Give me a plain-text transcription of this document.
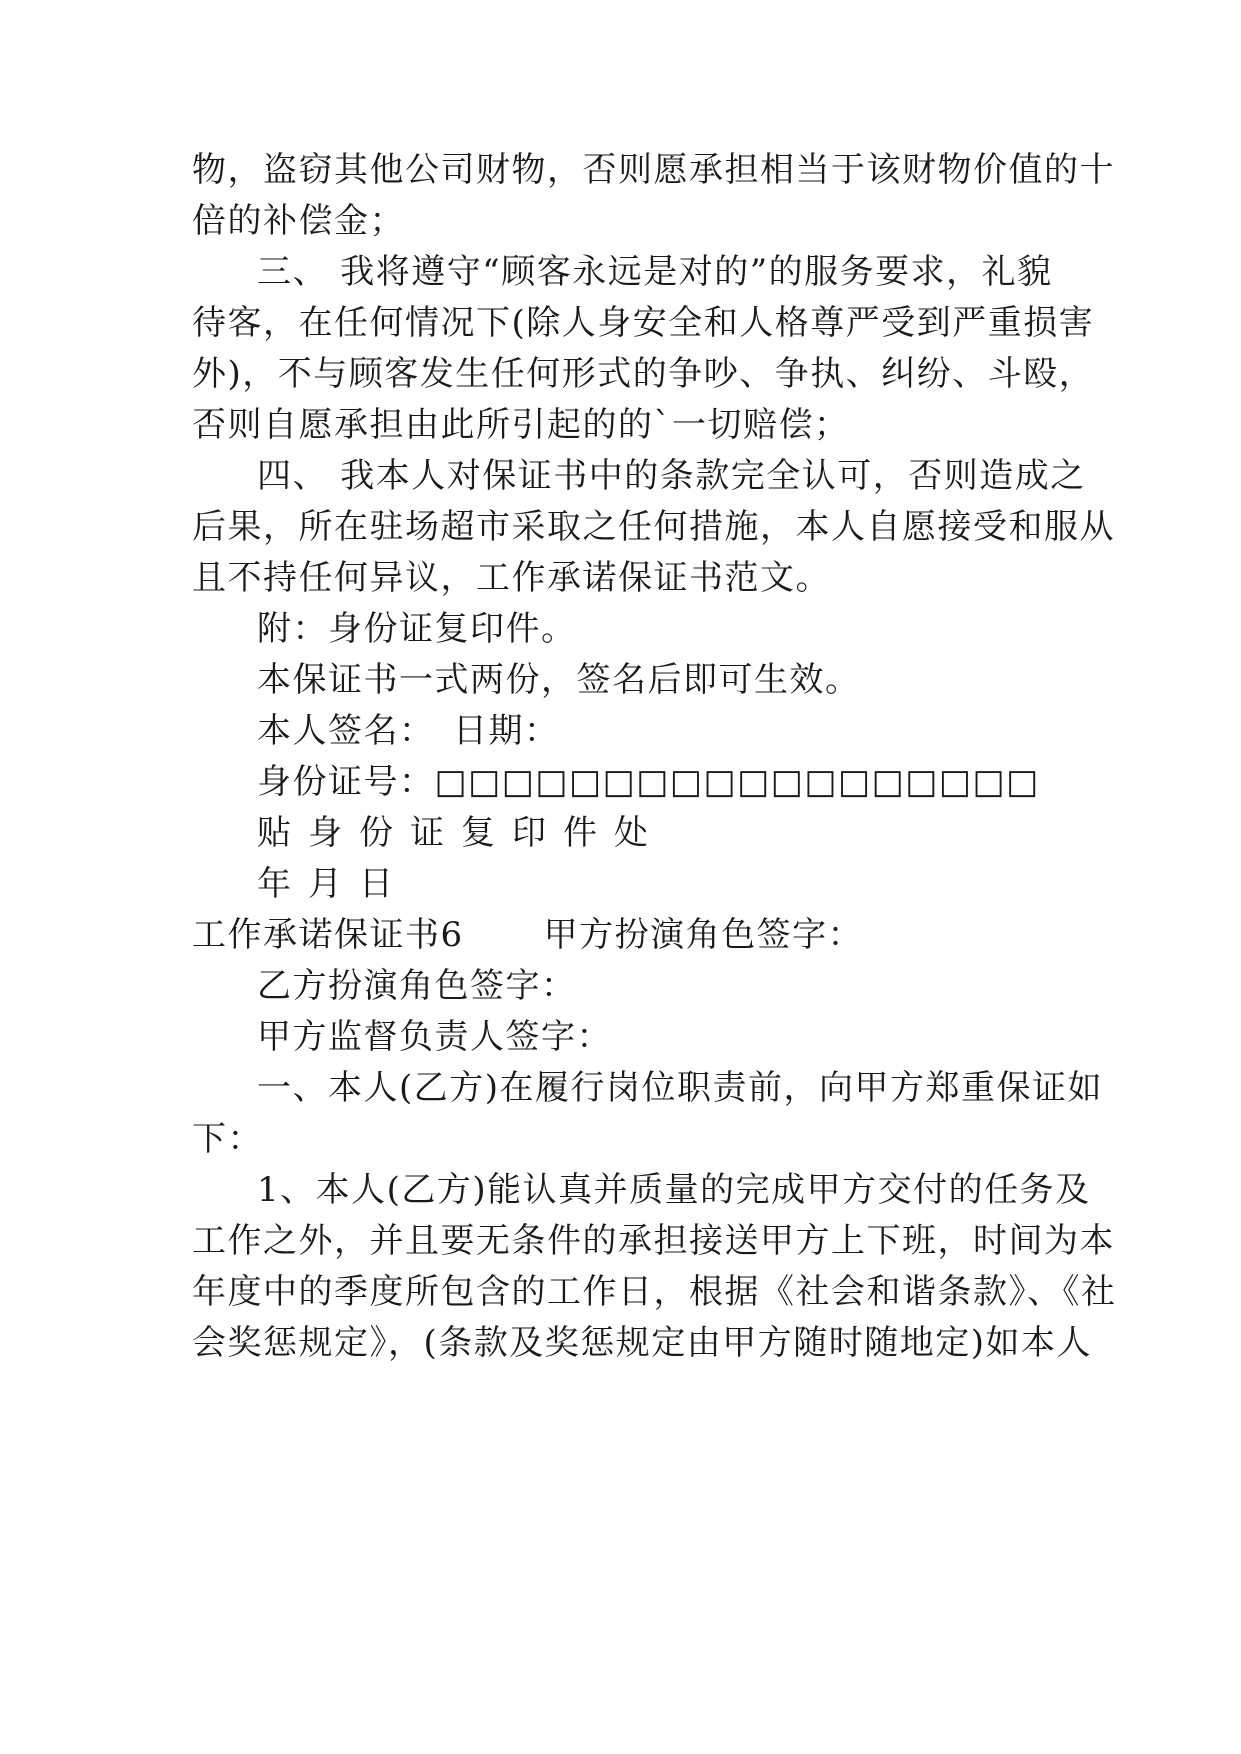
物，盗窃其他公司财物，否则愿承担相当于该财物价值的十
倍的补偿金；
三、 我将遵守“顾客永远是对的”的服务要求，礼貌
待客，在任何情况下(除人身安全和人格尊严受到严重损害
外)，不与顾客发生任何形式的争吵、争执、纠纷、斗殴，
否则自愿承担由此所引起的的`一切赔偿；
四、 我本人对保证书中的条款完全认可，否则造成之
后果，所在驻场超市采取之任何措施，本人自愿接受和服从
且不持任何异议，工作承诺保证书范文。
附：身份证复印件。
本保证书一式两份，签名后即可生效。
本人签名：　日期：
身份证号：□□□□□□□□□□□□□□□□□□
贴身份证复印件处
年月日
工作承诺保证书6 甲方扮演角色签字：
乙方扮演角色签字：
甲方监督负责人签字：
一、本人(乙方)在履行岗位职责前，向甲方郑重保证如
下：
1、本人(乙方)能认真并质量的完成甲方交付的任务及
工作之外，并且要无条件的承担接送甲方上下班，时间为本
年度中的季度所包含的工作日，根据《社会和谐条款》、《社
会奖惩规定》，(条款及奖惩规定由甲方随时随地定)如本人
